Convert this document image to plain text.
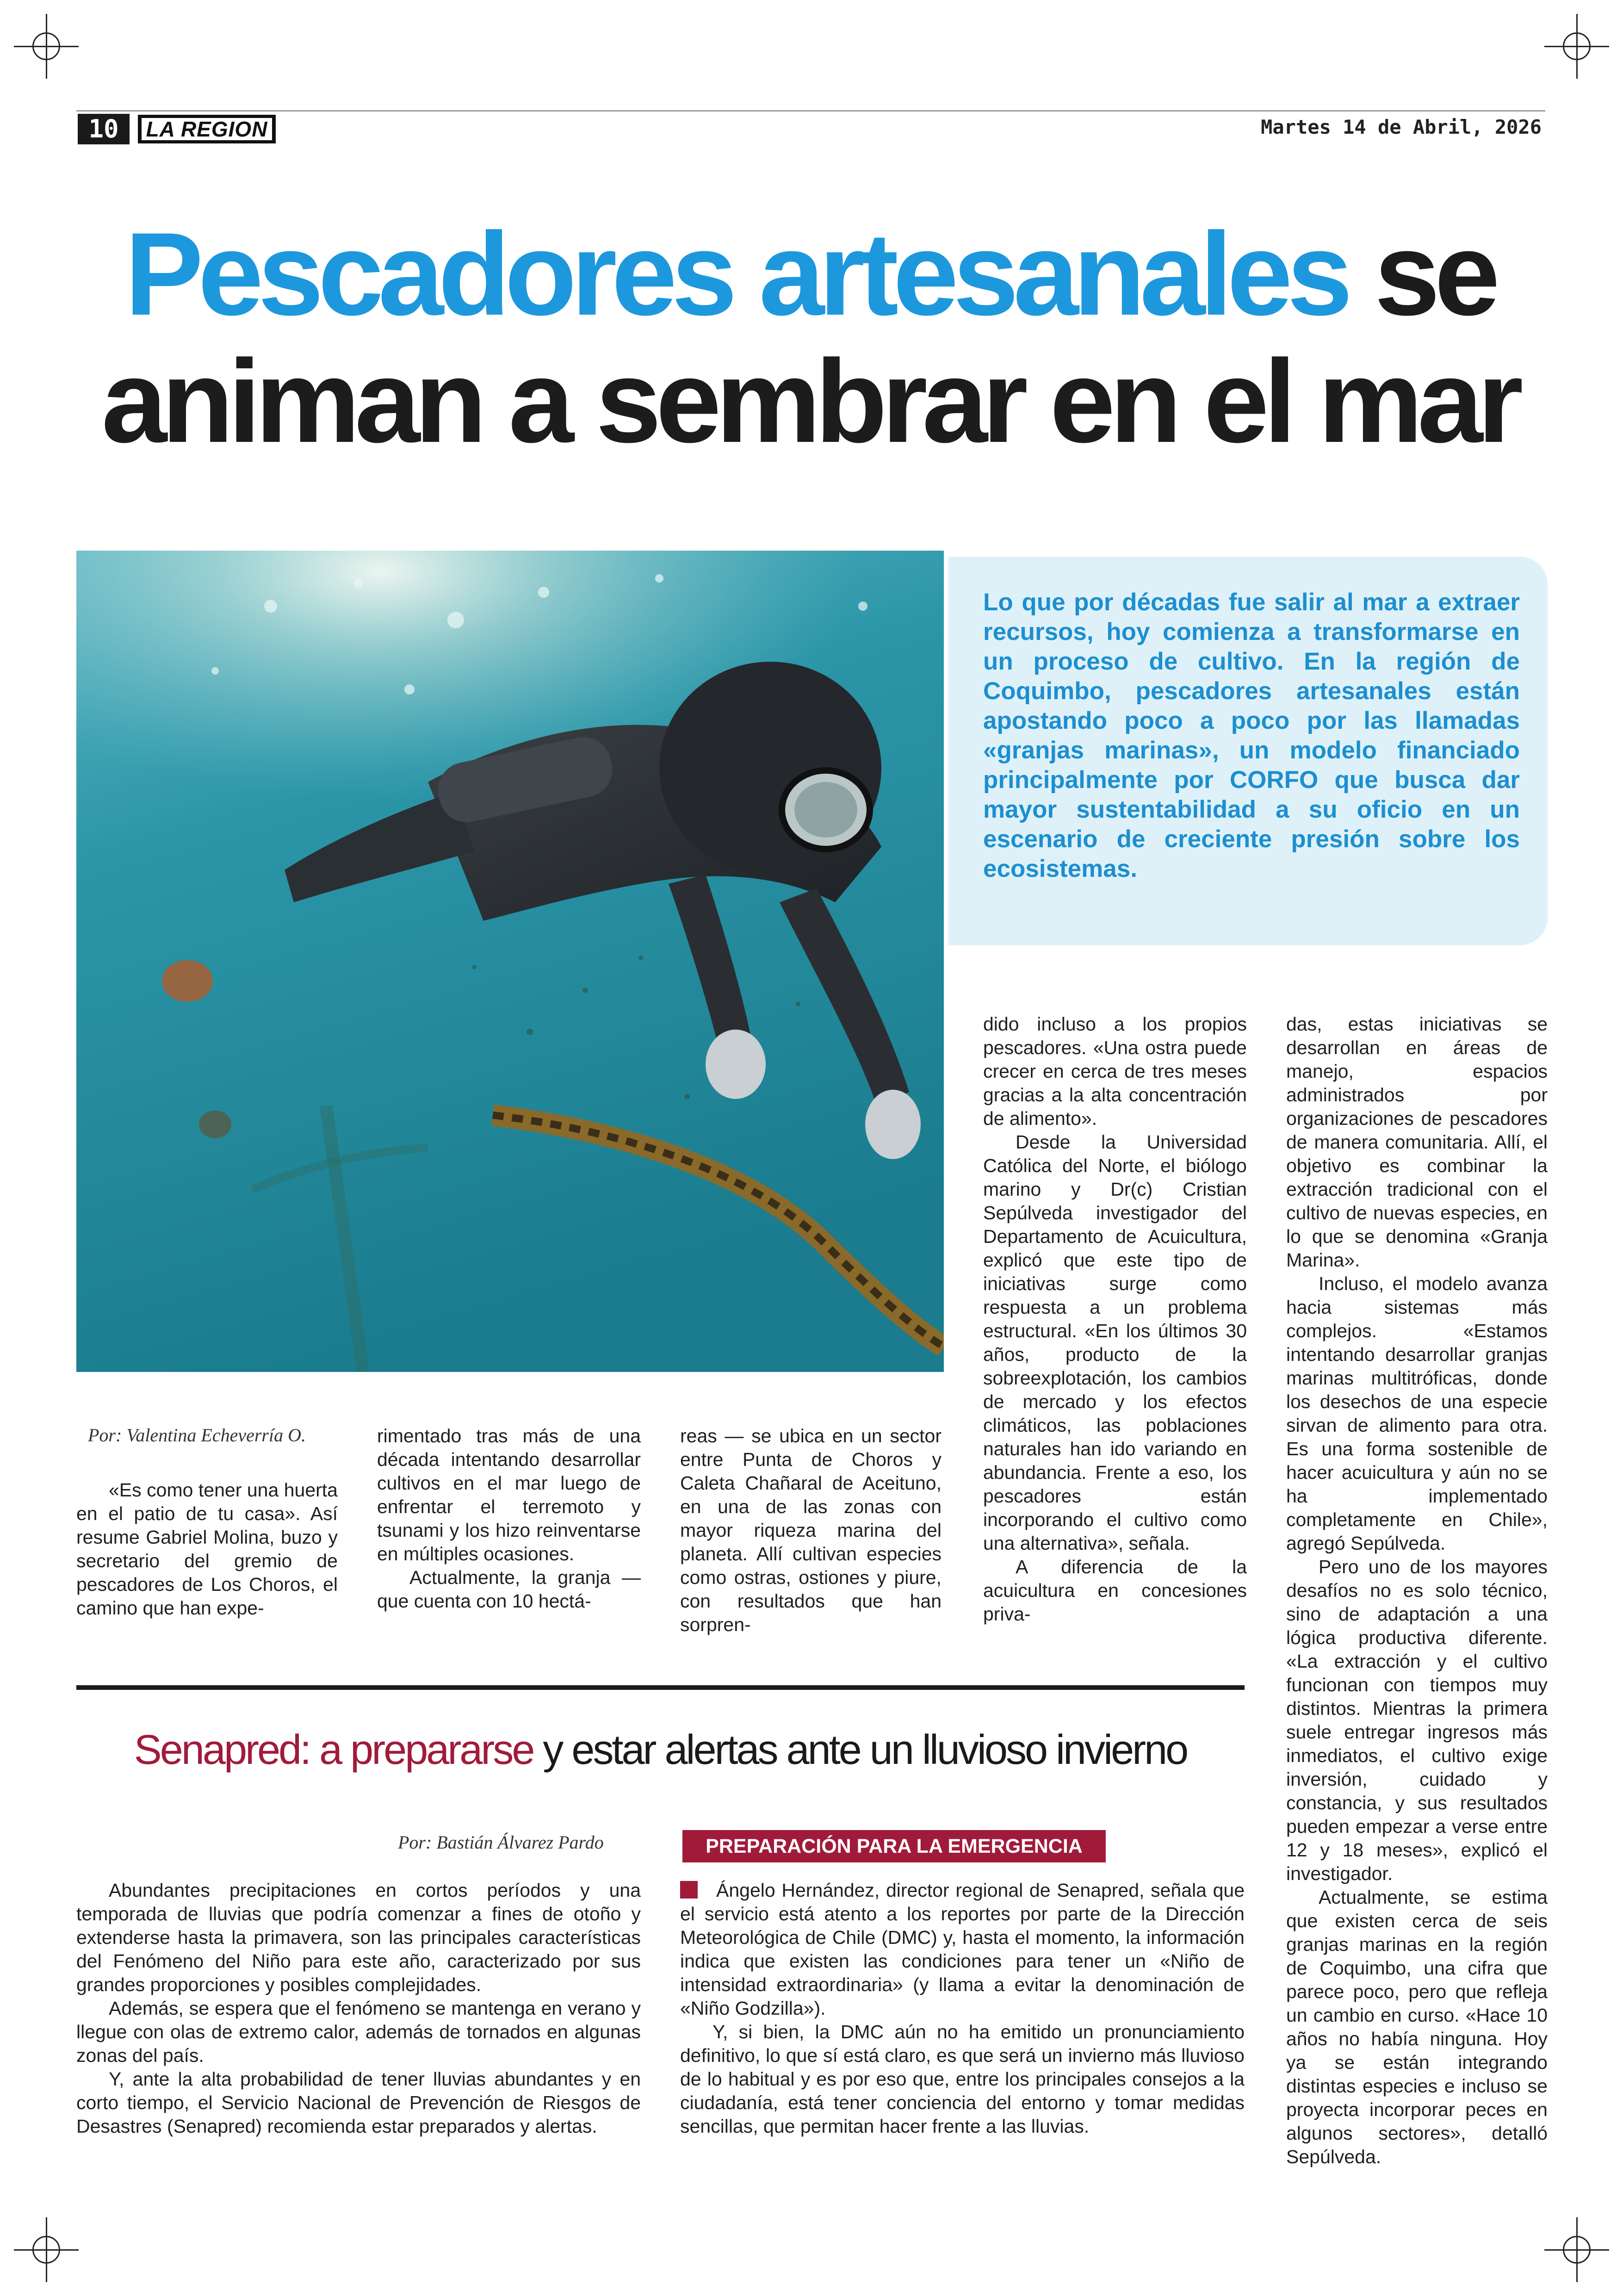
10	LA REGION	Martes 14 de Abril, 2026
Pescadores artesanales se
animan a sembrar en el mar
Lo que por décadas fue salir al mar a extraer recursos, hoy comienza a transformarse en un proceso de cultivo. En la región de Coquimbo, pescadores artesanales están apostando poco a poco por las llamadas «granjas marinas», un modelo financiado principalmente por CORFO que busca dar mayor sustentabilidad a su oficio en un escenario de creciente presión sobre los ecosistemas.
Por: Valentina Echeverría O.

«Es como tener una huerta en el patio de tu casa». Así resume Gabriel Molina, buzo y secretario del gremio de pescadores de Los Choros, el camino que han expe-

rimentado tras más de una década intentando desarrollar cultivos en el mar luego de enfrentar el terremoto y tsunami y los hizo reinventarse en múltiples ocasiones.

Actualmente, la granja — que cuenta con 10 hectá-

reas — se ubica en un sector entre Punta de Choros y Caleta Chañaral de Aceituno, en una de las zonas con mayor riqueza marina del planeta. Allí cultivan especies como ostras, ostiones y piure, con resultados que han sorpren-

dido incluso a los propios pescadores. «Una ostra puede crecer en cerca de tres meses gracias a la alta concentración de alimento».

Desde la Universidad Católica del Norte, el biólogo marino y Dr(c) Cristian Sepúlveda investigador del Departamento de Acuicultura, explicó que este tipo de iniciativas surge como respuesta a un problema estructural. «En los últimos 30 años, producto de la sobreexplotación, los cambios de mercado y los efectos climáticos, las poblaciones naturales han ido variando en abundancia. Frente a eso, los pescadores están incorporando el cultivo como una alternativa», señala.

A diferencia de la acuicultura en concesiones priva-

das, estas iniciativas se desarrollan en áreas de manejo, espacios administrados por organizaciones de pescadores de manera comunitaria. Allí, el objetivo es combinar la extracción tradicional con el cultivo de nuevas especies, en lo que se denomina «Granja Marina».

Incluso, el modelo avanza hacia sistemas más complejos. «Estamos intentando desarrollar granjas marinas multitróficas, donde los desechos de una especie sirvan de alimento para otra. Es una forma sostenible de hacer acuicultura y aún no se ha implementado completamente en Chile», agregó Sepúlveda.

Pero uno de los mayores desafíos no es solo técnico, sino de adaptación a una lógica productiva diferente. «La extracción y el cultivo funcionan con tiempos muy distintos. Mientras la primera suele entregar ingresos más inmediatos, el cultivo exige inversión, cuidado y constancia, y sus resultados pueden empezar a verse entre 12 y 18 meses», explicó el investigador.

Actualmente, se estima que existen cerca de seis granjas marinas en la región de Coquimbo, una cifra que parece poco, pero que refleja un cambio en curso. «Hace 10 años no había ninguna. Hoy ya se están integrando distintas especies e incluso se proyecta incorporar peces en algunos sectores», detalló Sepúlveda.

Senapred: a prepararse y estar alertas ante un lluvioso invierno
Por: Bastián Álvarez Pardo	PREPARACIÓN PARA LA EMERGENCIA

Abundantes precipitaciones en cortos períodos y una temporada de lluvias que podría comenzar a fines de otoño y extenderse hasta la primavera, son las principales características del Fenómeno del Niño para este año, caracterizado por sus grandes proporciones y posibles complejidades.

Además, se espera que el fenómeno se mantenga en verano y llegue con olas de extremo calor, además de tornados en algunas zonas del país.

Y, ante la alta probabilidad de tener lluvias abundantes y en corto tiempo, el Servicio Nacional de Prevención de Riesgos de Desastres (Senapred) recomienda estar preparados y alertas.

Ángelo Hernández, director regional de Senapred, señala que el servicio está atento a los reportes por parte de la Dirección Meteorológica de Chile (DMC) y, hasta el momento, la información indica que existen las condiciones para tener un «Niño de intensidad extraordinaria» (y llama a evitar la denominación de «Niño Godzilla»).

Y, si bien, la DMC aún no ha emitido un pronunciamiento definitivo, lo que sí está claro, es que será un invierno más lluvioso de lo habitual y es por eso que, entre los principales consejos a la ciudadanía, está tener conciencia del entorno y tomar medidas sencillas, que permitan hacer frente a las lluvias.
